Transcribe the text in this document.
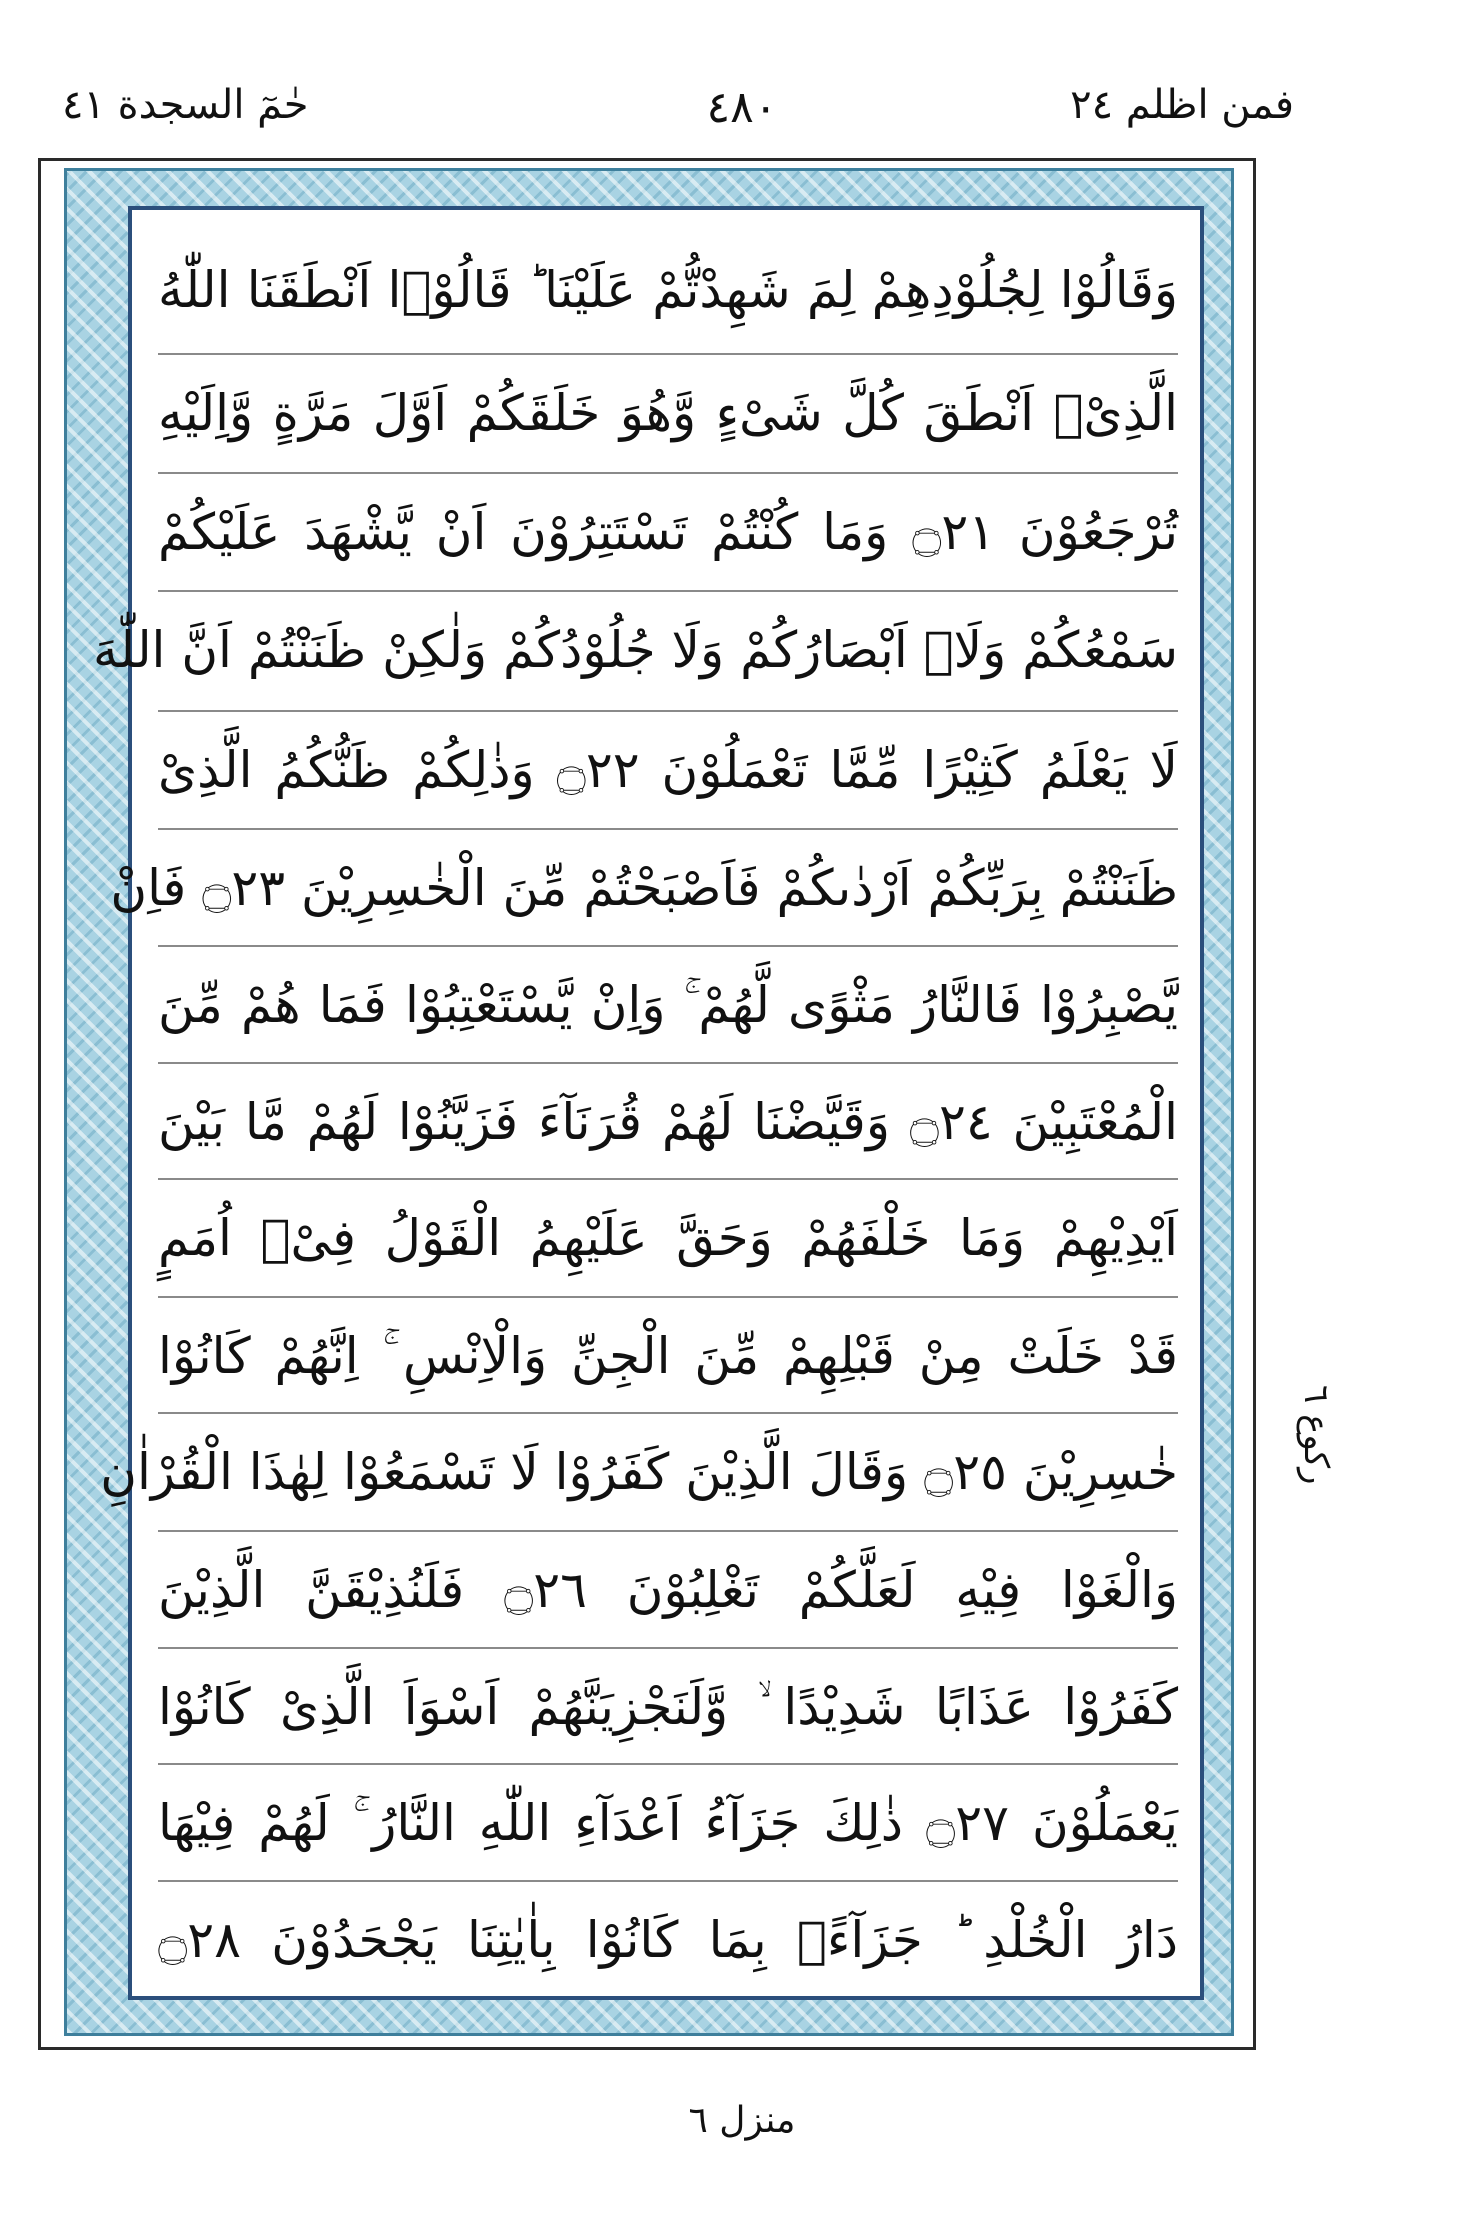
فمن اظلم ٢٤
٤٨٠
حٰمٓ السجدة ٤١
وَقَالُوْا لِجُلُوْدِهِمْ لِمَ شَهِدْتُّمْ عَلَيْنَا ؕ قَالُوْۤا اَنْطَقَنَا اللّٰهُ
الَّذِیْۤ اَنْطَقَ كُلَّ شَیْءٍ وَّهُوَ خَلَقَكُمْ اَوَّلَ مَرَّةٍ وَّاِلَیْهِ
تُرْجَعُوْنَ ۝٢١ وَمَا كُنْتُمْ تَسْتَتِرُوْنَ اَنْ یَّشْهَدَ عَلَیْكُمْ
سَمْعُكُمْ وَلَاۤ اَبْصَارُكُمْ وَلَا جُلُوْدُكُمْ وَلٰكِنْ ظَنَنْتُمْ اَنَّ اللّٰهَ
لَا یَعْلَمُ كَثِیْرًا مِّمَّا تَعْمَلُوْنَ ۝٢٢ وَذٰلِكُمْ ظَنُّكُمُ الَّذِیْ
ظَنَنْتُمْ بِرَبِّكُمْ اَرْدٰىكُمْ فَاَصْبَحْتُمْ مِّنَ الْخٰسِرِیْنَ ۝٢٣ فَاِنْ
یَّصْبِرُوْا فَالنَّارُ مَثْوًى لَّهُمْ ۚ وَاِنْ یَّسْتَعْتِبُوْا فَمَا هُمْ مِّنَ
الْمُعْتَبِیْنَ ۝٢٤ وَقَیَّضْنَا لَهُمْ قُرَنَآءَ فَزَیَّنُوْا لَهُمْ مَّا بَیْنَ
اَیْدِیْهِمْ وَمَا خَلْفَهُمْ وَحَقَّ عَلَیْهِمُ الْقَوْلُ فِیْۤ اُمَمٍ
قَدْ خَلَتْ مِنْ قَبْلِهِمْ مِّنَ الْجِنِّ وَالْاِنْسِ ۚ اِنَّهُمْ كَانُوْا
خٰسِرِیْنَ ۝٢٥ وَقَالَ الَّذِیْنَ كَفَرُوْا لَا تَسْمَعُوْا لِهٰذَا الْقُرْاٰنِ
وَالْغَوْا فِیْهِ لَعَلَّكُمْ تَغْلِبُوْنَ ۝٢٦ فَلَنُذِیْقَنَّ الَّذِیْنَ
كَفَرُوْا عَذَابًا شَدِیْدًا ۙ وَّلَنَجْزِیَنَّهُمْ اَسْوَاَ الَّذِیْ كَانُوْا
یَعْمَلُوْنَ ۝٢٧ ذٰلِكَ جَزَآءُ اَعْدَآءِ اللّٰهِ النَّارُ ۚ لَهُمْ فِیْهَا
دَارُ الْخُلْدِ ؕ جَزَآءًۢ بِمَا كَانُوْا بِاٰیٰتِنَا یَجْحَدُوْنَ ۝٢٨
ركوع ٦
منزل ٦
